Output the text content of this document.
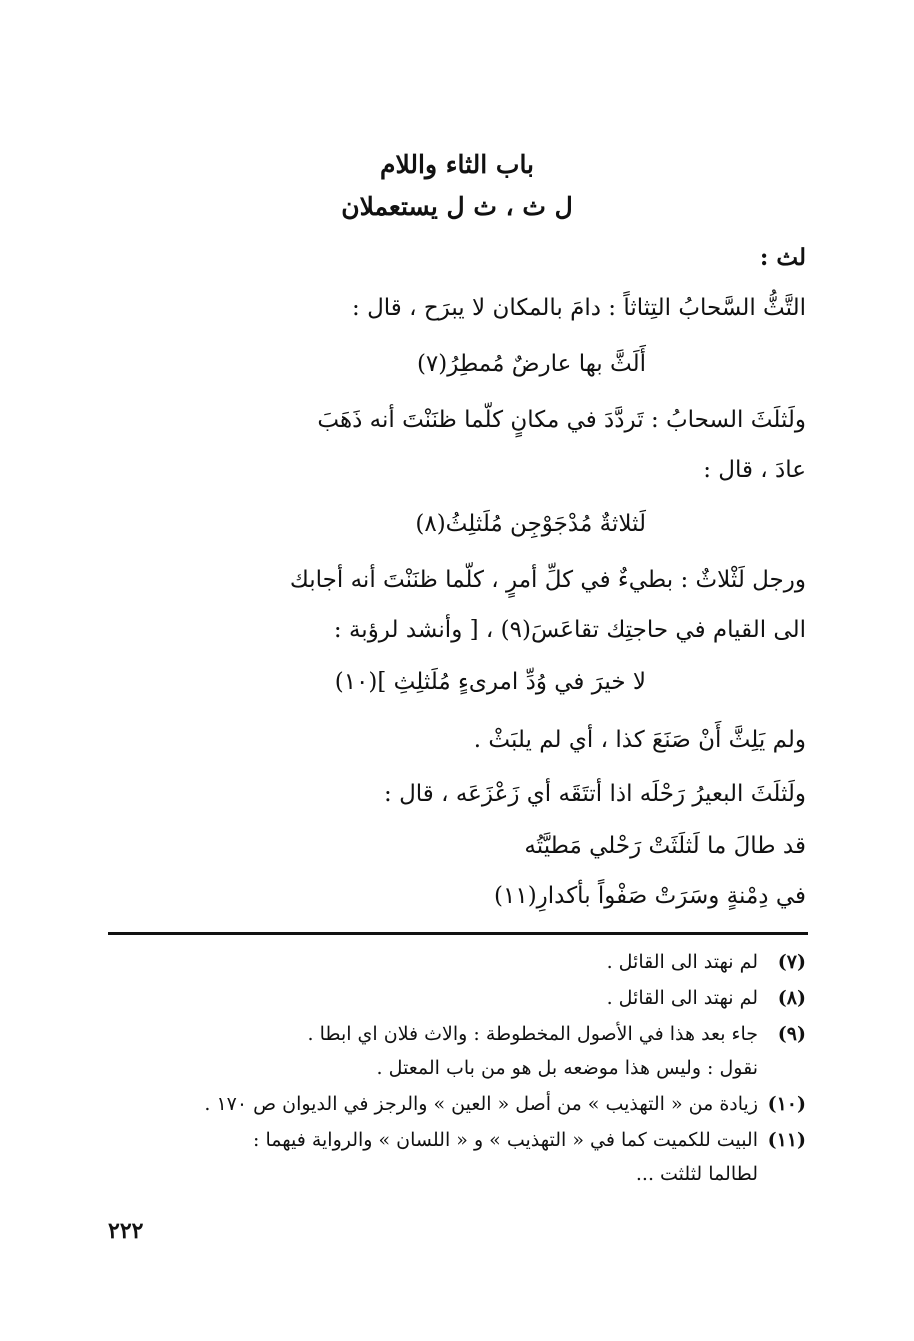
باب الثاء واللام
ل ث ، ث ل يستعملان
لث :
التَّثُّ السَّحابُ التِثاثاً : دامَ بالمكان لا يبرَح ، قال :
أَلَثَّ بها عارضٌ مُمطِرُ(٧)
ولَثلَثَ السحابُ : تَردَّدَ في مكانٍ كلّما ظنَنْتَ أنه ذَهَبَ
عادَ ، قال :
لَثلاثةٌ مُدْجَوْجِن مُلَثلِثُ(٨)
ورجل لَثْلاثٌ : بطيءٌ في كلِّ أمرٍ ، كلّما ظنَنْتَ أنه أجابك
الى القيام في حاجتِك تقاعَسَ(٩) ، [ وأنشد لرؤبة :
لا خيرَ في وُدِّ امرىءٍ مُلَثلِثِ ](١٠)
ولم يَلِثَّ أَنْ صَنَعَ كذا ، أي لم يلبَثْ .
ولَثلَثَ البعيرُ رَحْلَه اذا أتتَقَه أي زَعْزَعَه ، قال :
قد طالَ ما لَثلَثَتْ رَحْلي مَطيَّتُه
في دِمْنةٍ وسَرَتْ صَفْواً بأكدارِ(١١)
(٧)
لم نهتد الى القائل .
(٨)
لم نهتد الى القائل .
(٩)
جاء بعد هذا في الأصول المخطوطة : والاث فلان اي ابطا .
نقول : وليس هذا موضعه بل هو من باب المعتل .
(١٠)
زيادة من « التهذيب » من أصل « العين » والرجز في الديوان ص ١٧٠ .
(١١)
البيت للكميت كما في « التهذيب » و « اللسان » والرواية فيهما :
لطالما لثلثت ...
٢٢٢
